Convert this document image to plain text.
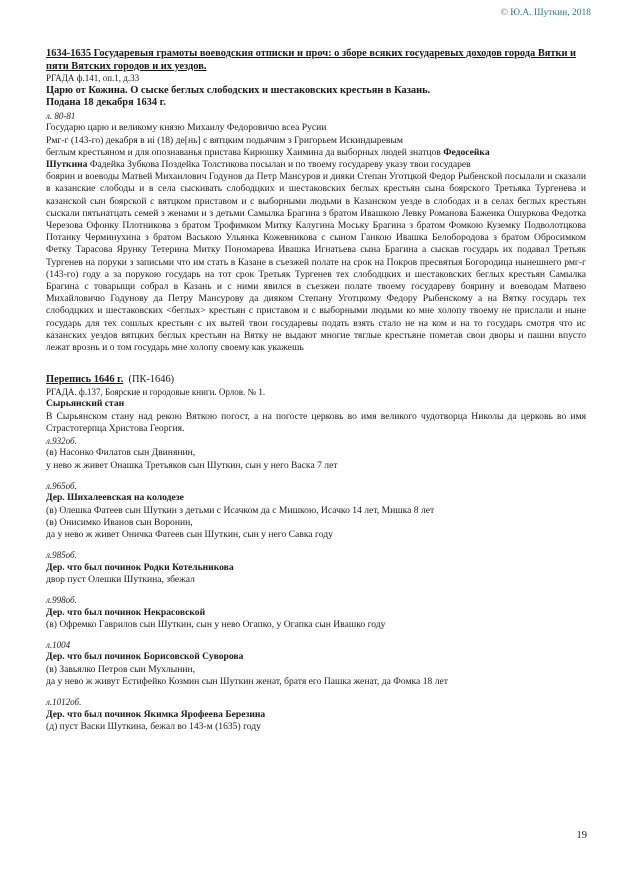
© Ю.А. Шуткин, 2018
1634-1635 Государевыя грамоты воеводския отписки и проч: о зборе всяких государевых доходов города Вятки и пяти Вятских городов и их уездов.
РГАДА ф.141, оп.1, д.33
Царю от Кожина. О сыске беглых слободских и шестаковских крестьян в Казань.
Подана 18 декабря 1634 г.
л. 80-81
Государю царю и великому князю Михаилу Федоровичю всеа Русии
Рмг-г (143-го) декабря в иі (18) де[нь] с вятцким подьячим з Григорьем Искиндыревым
беглым крестьяном и для опознаванья пристава Кирюшку Хаимина да выборных людей знатцов Федосейка
Шуткина Фадейка Зубкова Поздейка Толстикова посылан и по твоему государеву указу твои государев
боярин и воеводы Матвей Михаилович Годунов да Петр Мансуров и дияки Степан Уготцкой Федор Рыбенской посылали и сказали в казанские слободы и в села сыскивать слободцких и шестаковских беглых крестьян сына боярского Третьяка Тургенева и казанской сын боярской с вятцком приставом и с выборными людьми в Казанском уезде в слободах и в селах беглых крестьян сыскали пятьнатцать семей з женами и з детьми Самылка Брагина з братом Ивашкою Левку Романова Бажеика Ошуркова Федотка Черезова Офонку Плотникова з братом Трофимком Митку Калугина Моську Брагина з братом Фомкою Куземку Подволотцкова Потанку Черминухина з братом Ваською Ульянка Кожевникова с сыном Ганкою Ивашка Белобородова з братом Обросимком Фетку Тарасова Ярунку Тетерина Митку Пономарева Ивашка Игнатьева сына Брагина а сыскав государь их подавал Третьяк Тургенев на поруки з записьми что им стать в Казане в съезжей полате на срок на Покров пресвятыя Богородица нынешнего рмг-г (143-го) году а за порукою государь на тот срок Третьяк Тургенев тех слободцких и шестаковских беглых крестьян Самылка Брагина с товарыщи собрал в Казань и с ними явился в съезжеи полате твоему государеву боярину и воеводам Матвею Михайловичю Годунову да Петру Мансурову да дияком Степану Уготцкому Федору Рыбенскому а на Вятку государь тех слободцких и шестаковских <беглых> крестьян с приставом и с выборными людьми ко мне холопу твоему не прислали и ныне государь для тех сошлых крестьян с их вытей твои государевы подать взять стало не на ком и на то государь смотря что ис казанских уездов вятцких беглых крестьян на Вятку не выдают многие тяглые крестьяне пометав свои дворы и пашни впусто лежат врознь и о том государь мне холопу своему как укажешь
Перепись 1646 г. (ПК-1646)
РГАДА. ф.137, Боярские и городовые книги. Орлов. № 1.
Сырьянский стан
В Сырьянском стану над рекою Вяткою погост, а на погосте церковь во имя великого чудотворца Николы да церковь во имя Страстотерпца Христова Георгия.
л.932об.
(в) Насонко Филатов сын Двинянин,
у нево ж живет Онашка Третьяков сын Шуткин, сын у него Васка 7 лет
л.965об.
Дер. Шихалеевская на колодезе
(в) Олешка Фатеев сын Шуткин з детьми с Исачком да с Мишкою, Исачко 14 лет, Мишка 8 лет
(в) Онисимко Иванов сын Воронин,
да у нево ж живет Оничка Фатеев сын Шуткин, сын у него Савка году
л.985об.
Дер. что был починок Родки Котельникова
двор пуст Олешки Шуткина, збежал
л.998об.
Дер. что был починок Некрасовской
(в) Офремко Гаврилов сын Шуткин, сын у нево Огапко, у Огапка сын Ивашко году
л.1004
Дер. что был починок Борисовской Суворова
(в) Завьялко Петров сын Мухлынин,
да у нево ж живут Естифейко Козмин сын Шуткин женат, братя его Пашка женат, да Фомка 18 лет
л.1012об.
Дер. что был починок Якимка Ярофеева Березина
(д) пуст Васки Шуткина, бежал во 143-м (1635) году
19
